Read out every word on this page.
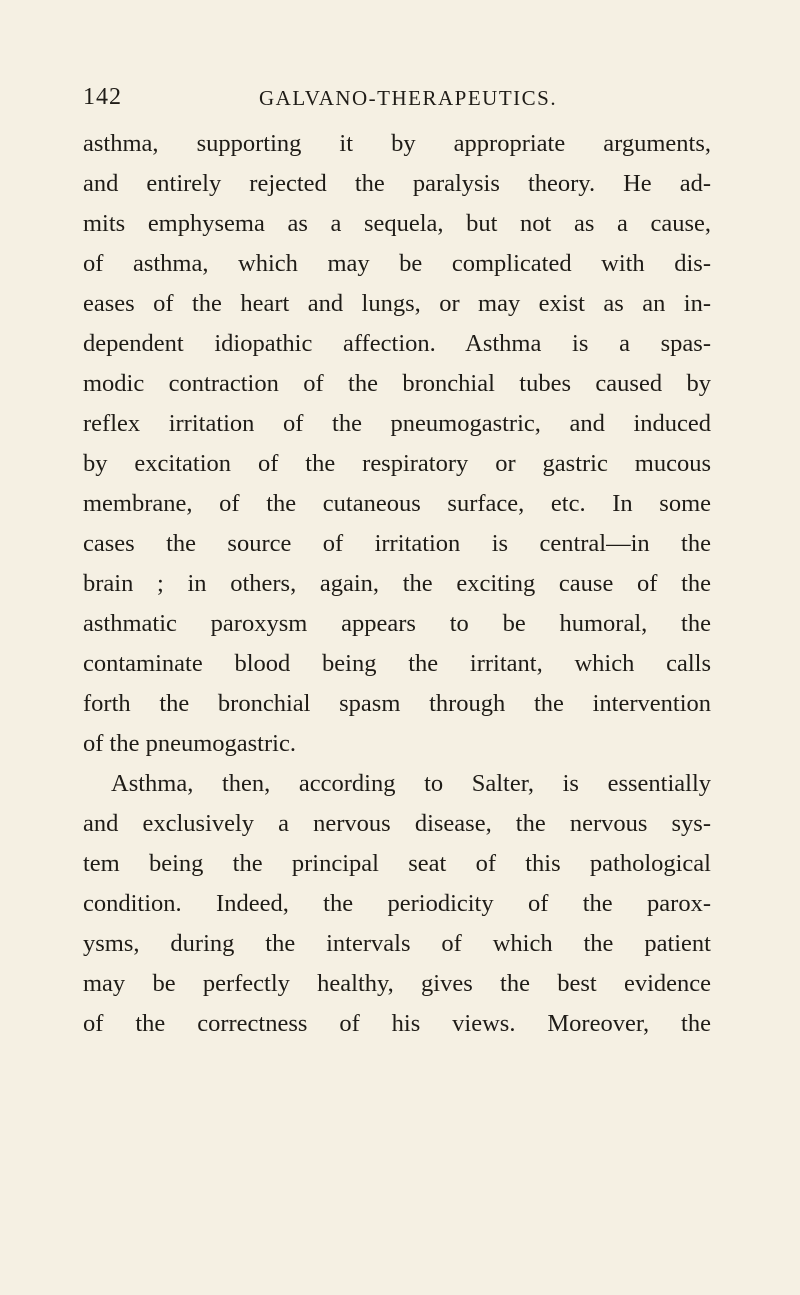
142	GALVANO-THERAPEUTICS.
asthma, supporting it by appropriate arguments,
and entirely rejected the paralysis theory. He ad-
mits emphysema as a sequela, but not as a cause,
of asthma, which may be complicated with dis-
eases of the heart and lungs, or may exist as an in-
dependent idiopathic affection. Asthma is a spas-
modic contraction of the bronchial tubes caused by
reflex irritation of the pneumogastric, and induced
by excitation of the respiratory or gastric mucous
membrane, of the cutaneous surface, etc. In some
cases the source of irritation is central—in the
brain ; in others, again, the exciting cause of the
asthmatic paroxysm appears to be humoral, the
contaminate blood being the irritant, which calls
forth the bronchial spasm through the intervention
of the pneumogastric.
Asthma, then, according to Salter, is essentially
and exclusively a nervous disease, the nervous sys-
tem being the principal seat of this pathological
condition. Indeed, the periodicity of the parox-
ysms, during the intervals of which the patient
may be perfectly healthy, gives the best evidence
of the correctness of his views. Moreover, the
